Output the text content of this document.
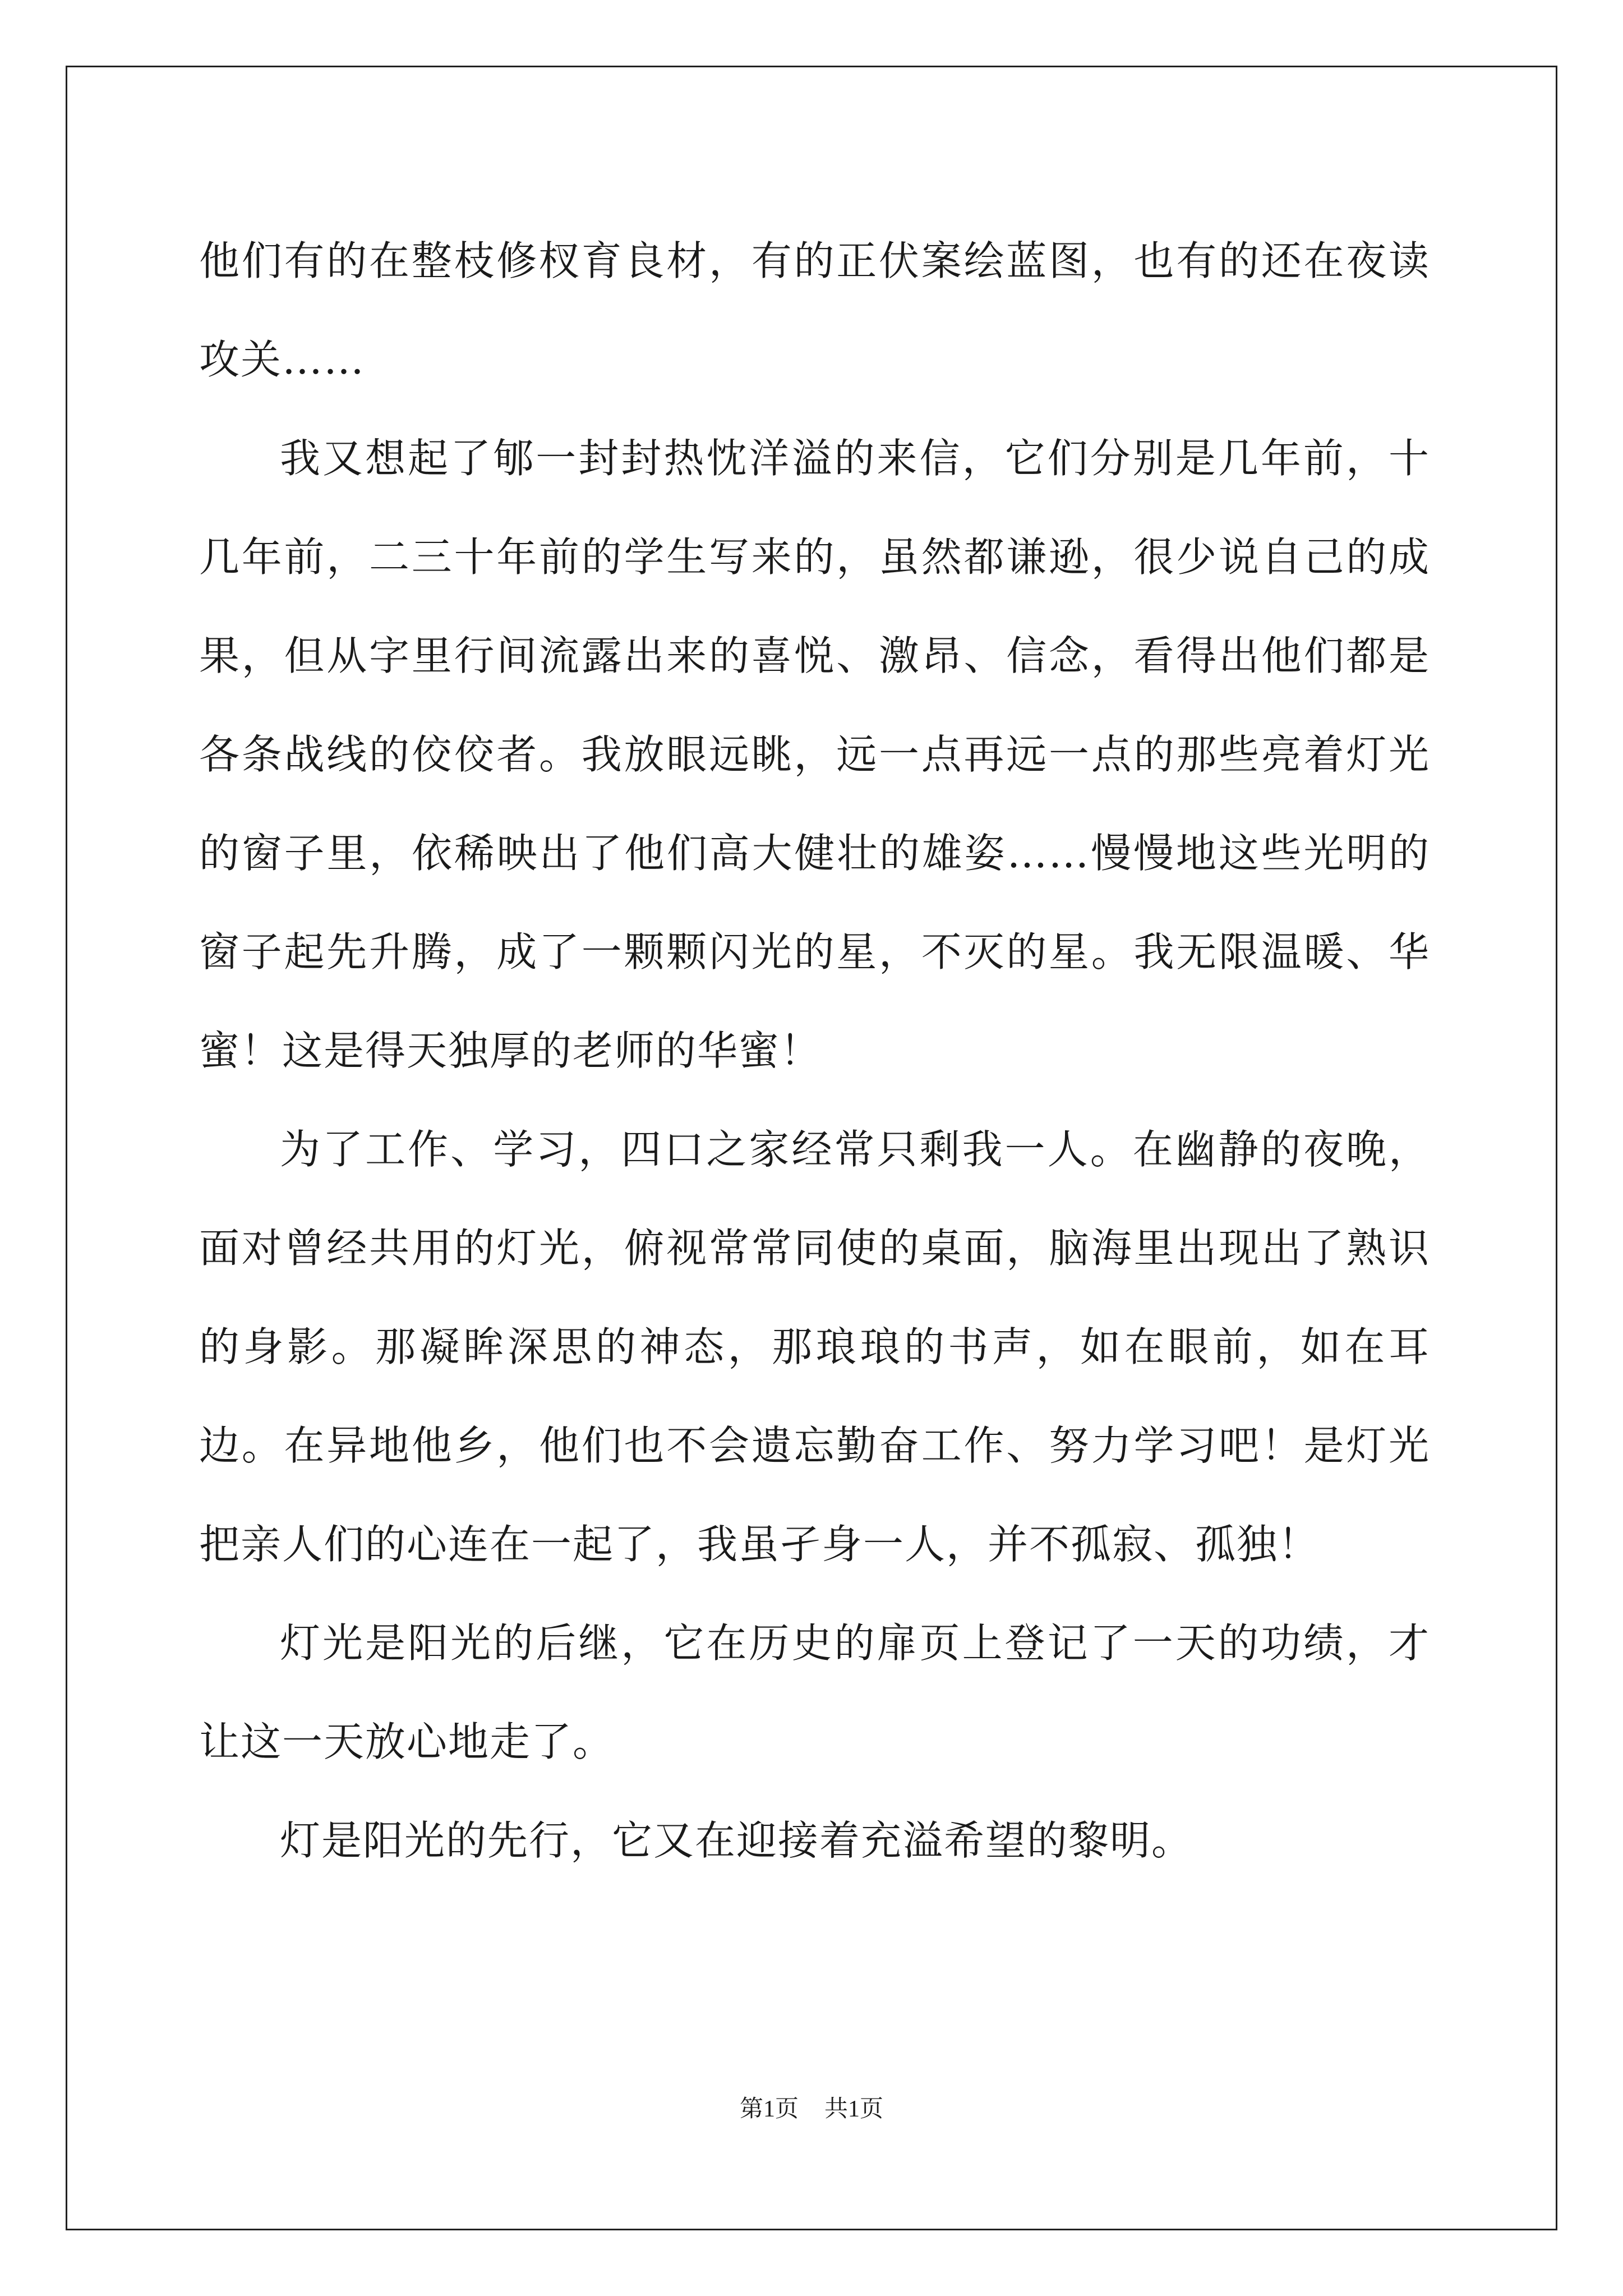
他们有的在整枝修杈育良材，有的正伏案绘蓝图，也有的还在夜读攻关……

我又想起了郇一封封热忱洋溢的来信，它们分别是几年前，十几年前，二三十年前的学生写来的，虽然都谦逊，很少说自己的成果，但从字里行间流露出来的喜悦、激昂、信念，看得出他们都是各条战线的佼佼者。我放眼远眺，远一点再远一点的那些亮着灯光的窗子里，依稀映出了他们高大健壮的雄姿……慢慢地这些光明的窗子起先升腾，成了一颗颗闪光的星，不灭的星。我无限温暖、华蜜！这是得天独厚的老师的华蜜！

为了工作、学习，四口之家经常只剩我一人。在幽静的夜晚，面对曾经共用的灯光，俯视常常同使的桌面，脑海里出现出了熟识的身影。那凝眸深思的神态，那琅琅的书声，如在眼前，如在耳边。在异地他乡，他们也不会遗忘勤奋工作、努力学习吧！是灯光把亲人们的心连在一起了，我虽孑身一人，并不孤寂、孤独！

灯光是阳光的后继，它在历史的扉页上登记了一天的功绩，才让这一天放心地走了。

灯是阳光的先行，它又在迎接着充溢希望的黎明。

第1页 共1页
